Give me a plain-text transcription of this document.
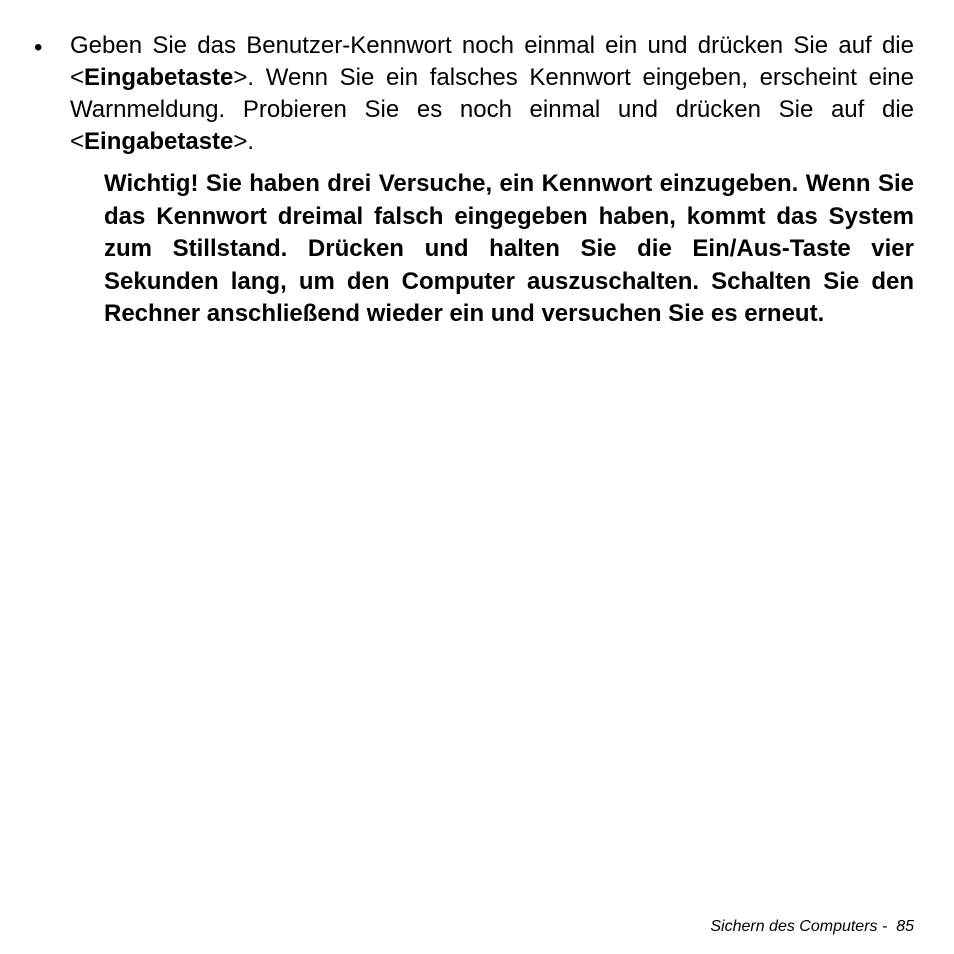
• Geben Sie das Benutzer-Kennwort noch einmal ein und drücken Sie auf die <Eingabetaste>. Wenn Sie ein falsches Kennwort eingeben, erscheint eine Warnmeldung. Probieren Sie es noch einmal und drücken Sie auf die <Eingabetaste>.
Wichtig! Sie haben drei Versuche, ein Kennwort einzugeben. Wenn Sie das Kennwort dreimal falsch eingegeben haben, kommt das System zum Stillstand. Drücken und halten Sie die Ein/Aus-Taste vier Sekunden lang, um den Computer auszuschalten. Schalten Sie den Rechner anschließend wieder ein und versuchen Sie es erneut.
Sichern des Computers - 85
